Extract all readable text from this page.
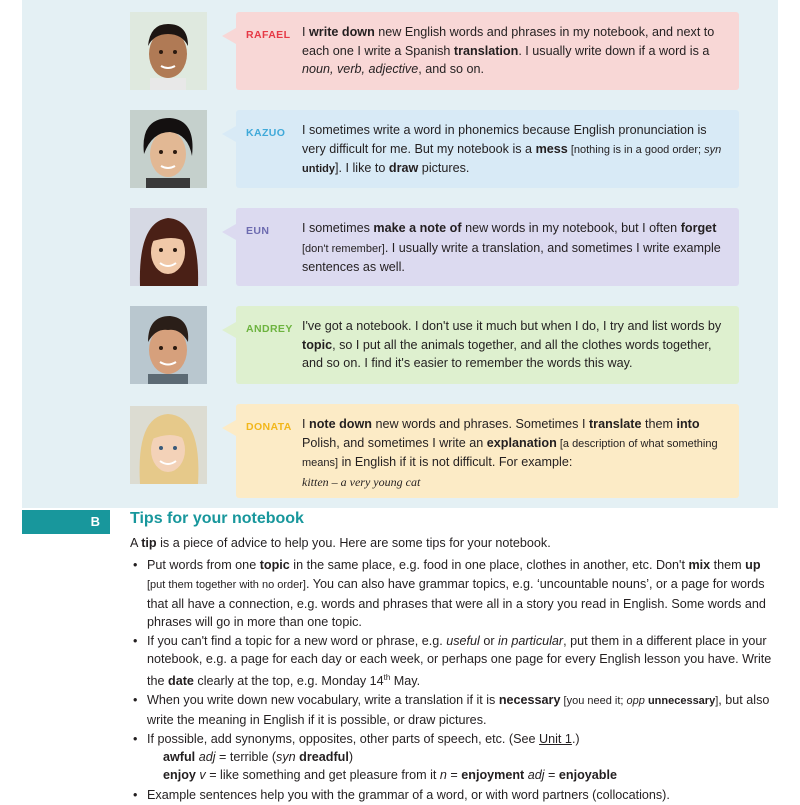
RAFAEL I write down new English words and phrases in my notebook, and next to each one I write a Spanish translation. I usually write down if a word is a noun, verb, adjective, and so on.
KAZUO I sometimes write a word in phonemics because English pronunciation is very difficult for me. But my notebook is a mess [nothing is in a good order; syn untidy]. I like to draw pictures.
EUN	I sometimes make a note of new words in my notebook, but I often forget [don't remember]. I usually write a translation, and sometimes I write example sentences as well.
ANDREY I've got a notebook. I don't use it much but when I do, I try and list words by topic, so I put all the animals together, and all the clothes words together, and so on. I find it's easier to remember the words this way.
DONATA I note down new words and phrases. Sometimes I translate them into Polish, and sometimes I write an explanation [a description of what something means] in English if it is not difficult. For example:
kitten – a very young cat
B	Tips for your notebook

A tip is a piece of advice to help you. Here are some tips for your notebook.

• Put words from one topic in the same place, e.g. food in one place, clothes in another, etc. Don't mix them up [put them together with no order]. You can also have grammar topics, e.g. ‘uncountable nouns’, or a page for words that all have a connection, e.g. words and phrases that were all in a story you read in English. Some words and phrases will go in more than one topic.
• If you can't find a topic for a new word or phrase, e.g. useful or in particular, put them in a different place in your notebook, e.g. a page for each day or each week, or perhaps one page for every English lesson you have. Write the date clearly at the top, e.g. Monday 14th May.
• When you write down new vocabulary, write a translation if it is necessary [you need it; opp unnecessary], but also write the meaning in English if it is possible, or draw pictures.
• If possible, add synonyms, opposites, other parts of speech, etc. (See Unit 1.)
awful adj = terrible (syn dreadful)
enjoy v = like something and get pleasure from it n = enjoyment adj = enjoyable
• Example sentences help you with the grammar of a word, or with word partners (collocations).
